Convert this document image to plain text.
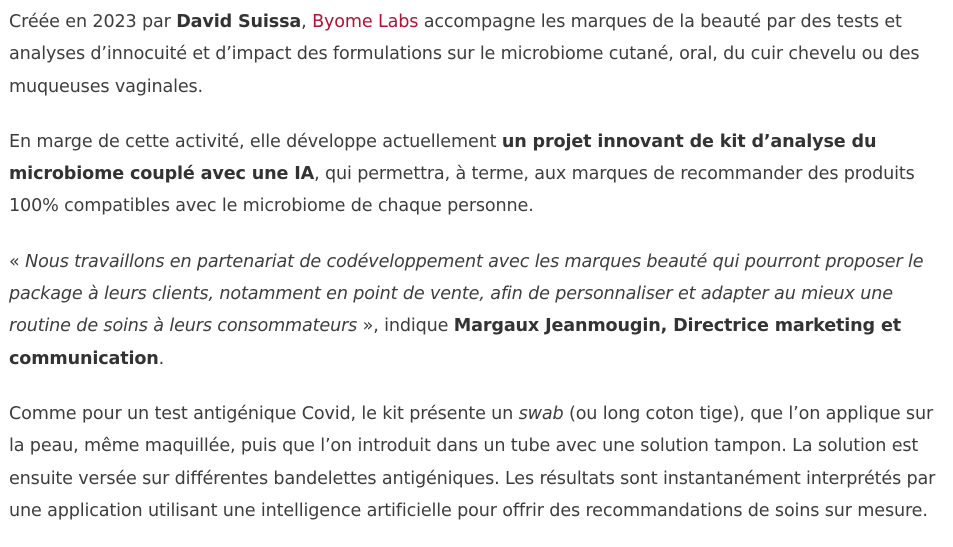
Créée en 2023 par David Suissa, Byome Labs accompagne les marques de la beauté par des tests et analyses d’innocuité et d’impact des formulations sur le microbiome cutané, oral, du cuir chevelu ou des muqueuses vaginales.

En marge de cette activité, elle développe actuellement un projet innovant de kit d’analyse du microbiome couplé avec une IA, qui permettra, à terme, aux marques de recommander des produits 100% compatibles avec le microbiome de chaque personne.

« Nous travaillons en partenariat de codéveloppement avec les marques beauté qui pourront proposer le package à leurs clients, notamment en point de vente, afin de personnaliser et adapter au mieux une routine de soins à leurs consommateurs », indique Margaux Jeanmougin, Directrice marketing et communication.

Comme pour un test antigénique Covid, le kit présente un swab (ou long coton tige), que l’on applique sur la peau, même maquillée, puis que l’on introduit dans un tube avec une solution tampon. La solution est ensuite versée sur différentes bandelettes antigéniques. Les résultats sont instantanément interprétés par une application utilisant une intelligence artificielle pour offrir des recommandations de soins sur mesure.
